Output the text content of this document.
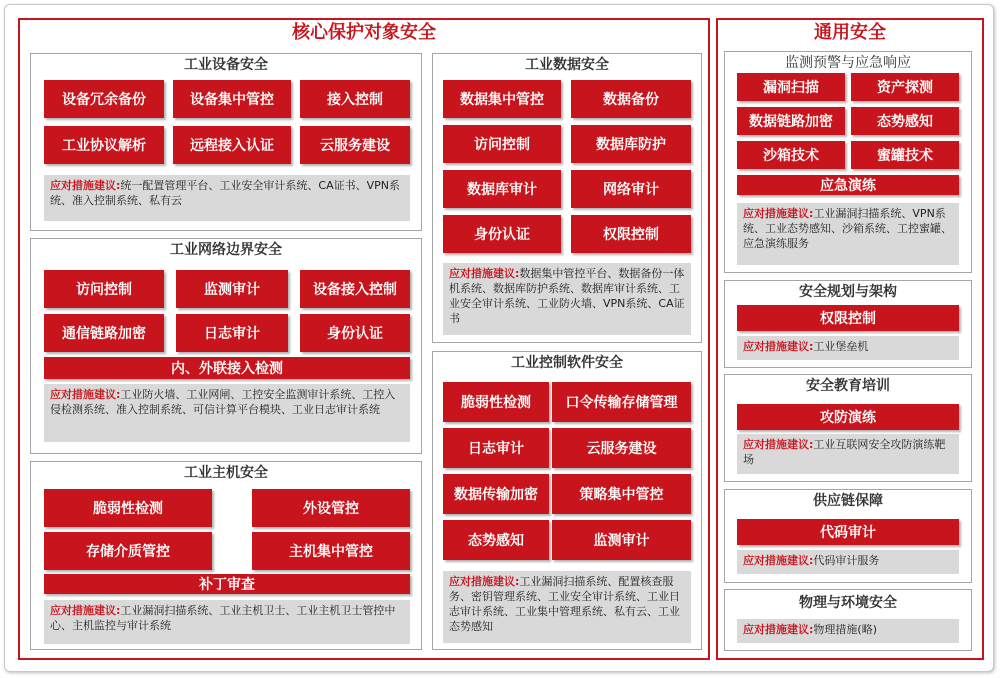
核心保护对象安全
工业设备安全
设备冗余备份	设备集中管控	接入控制
工业协议解析	远程接入认证	云服务建设
应对措施建议:统一配置管理平台、工业安全审计系统、CA证书、VPN系统、准入控制系统、私有云
工业网络边界安全
访问控制	监测审计	设备接入控制
通信链路加密	日志审计	身份认证
内、外联接入检测
应对措施建议:工业防火墙、工业网闸、工控安全监测审计系统、工控入侵检测系统、准入控制系统、可信计算平台模块、工业日志审计系统
工业主机安全
脆弱性检测	外设管控
存储介质管控	主机集中管控
补丁审查
应对措施建议:工业漏洞扫描系统、工业主机卫士、工业主机卫士管控中心、主机监控与审计系统
工业数据安全
数据集中管控	数据备份
访问控制	数据库防护
数据库审计	网络审计
身份认证	权限控制
应对措施建议:数据集中管控平台、数据备份一体机系统、数据库防护系统、数据库审计系统、工业安全审计系统、工业防火墙、VPN系统、CA证书
工业控制软件安全
脆弱性检测	口令传输存储管理
日志审计	云服务建设
数据传输加密	策略集中管控
态势感知	监测审计
应对措施建议:工业漏洞扫描系统、配置核查服务、密钥管理系统、工业安全审计系统、工业日志审计系统、工业集中管理系统、私有云、工业态势感知
通用安全
监测预警与应急响应
漏洞扫描	资产探测
数据链路加密	态势感知
沙箱技术	蜜罐技术
应急演练
应对措施建议:工业漏洞扫描系统、VPN系统、工业态势感知、沙箱系统、工控蜜罐、应急演练服务
安全规划与架构
权限控制
应对措施建议:工业堡垒机
安全教育培训
攻防演练
应对措施建议:工业互联网安全攻防演练靶场
供应链保障
代码审计
应对措施建议:代码审计服务
物理与环境安全
应对措施建议:物理措施(略)
